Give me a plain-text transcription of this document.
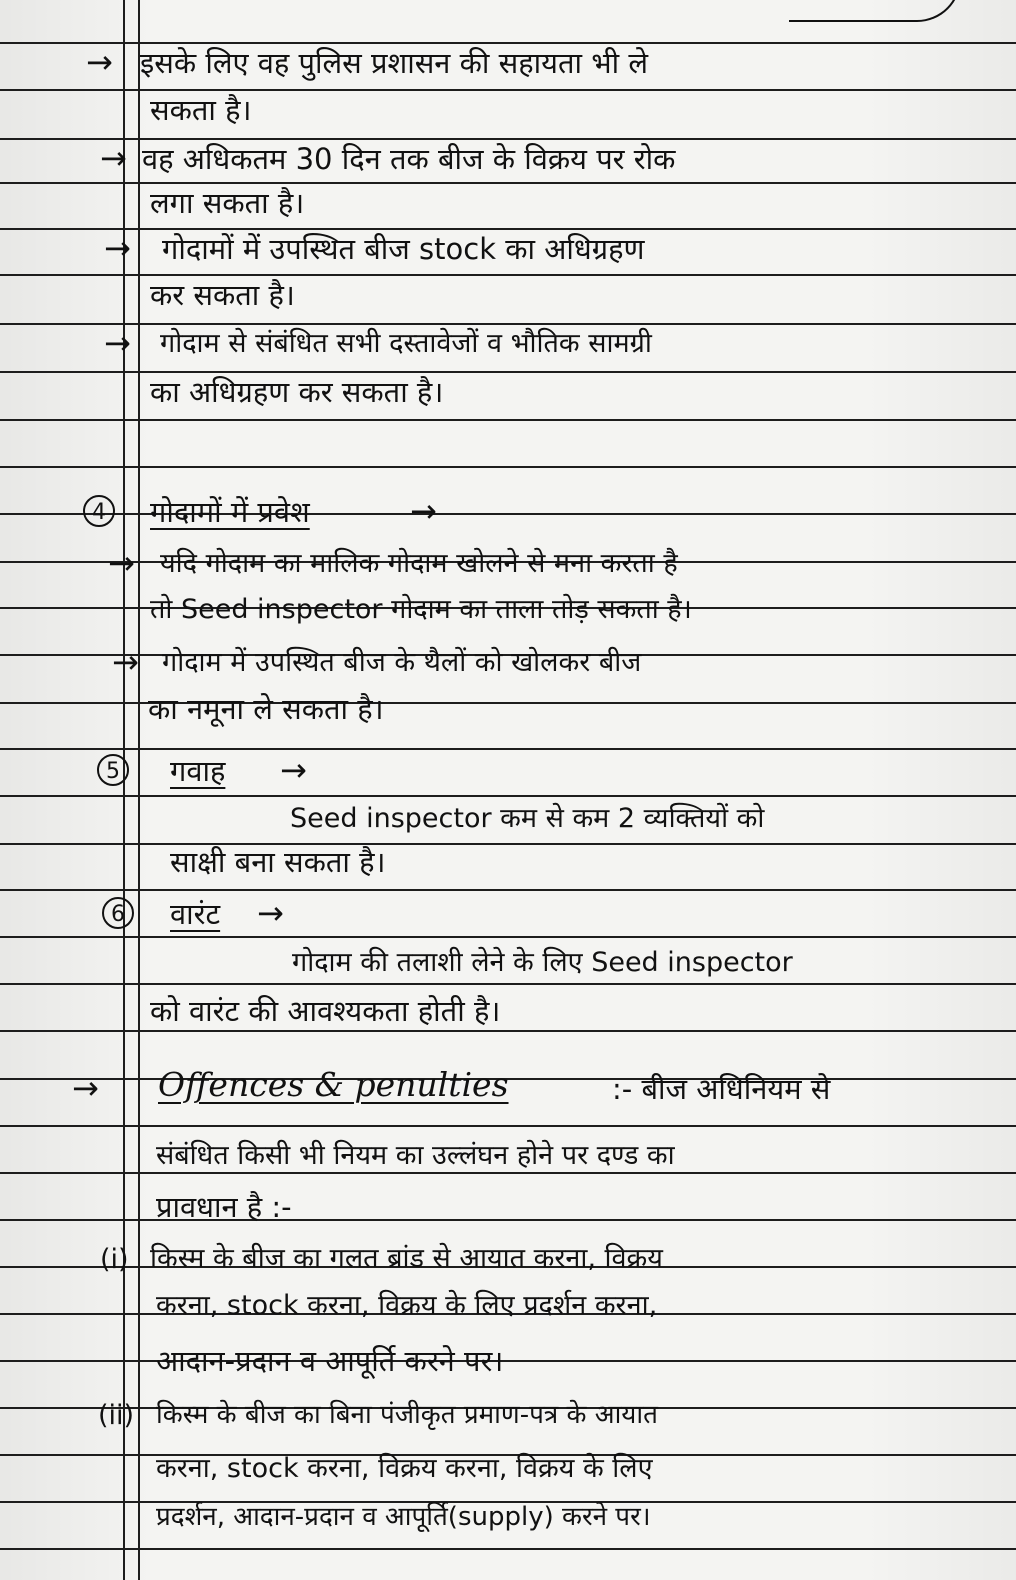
→ इसके लिए वह पुलिस प्रशासन की सहायता भी ले
सकता है।
→ वह अधिकतम 30 दिन तक बीज के विक्रय पर रोक
लगा सकता है।
→ गोदामों में उपस्थित बीज stock का अधिग्रहण
कर सकता है।
→ गोदाम से संबंधित सभी दस्तावेजों व भौतिक सामग्री
का अधिग्रहण कर सकता है।
4	गोदामों में प्रवेश	→
→ यदि गोदाम का मालिक गोदाम खोलने से मना करता है
तो Seed inspector गोदाम का ताला तोड़ सकता है।
→ गोदाम में उपस्थित बीज के थैलों को खोलकर बीज
का नमूना ले सकता है।
5	गवाह →
Seed inspector कम से कम 2 व्यक्तियों को
साक्षी बना सकता है।
6	वारंट →
गोदाम की तलाशी लेने के लिए Seed inspector
को वारंट की आवश्यकता होती है।
→ Offences & penulties	:- बीज अधिनियम से
संबंधित किसी भी नियम का उल्लंघन होने पर दण्ड का
प्रावधान है :-
(i) किस्म के बीज का गलत ब्रांड से आयात करना, विक्रय
करना, stock करना, विक्रय के लिए प्रदर्शन करना,
आदान-प्रदान व आपूर्ति करने पर।
(ii) किस्म के बीज का बिना पंजीकृत प्रमाण-पत्र के आयात
करना, stock करना, विक्रय करना, विक्रय के लिए
प्रदर्शन, आदान-प्रदान व आपूर्ति(supply) करने पर।
